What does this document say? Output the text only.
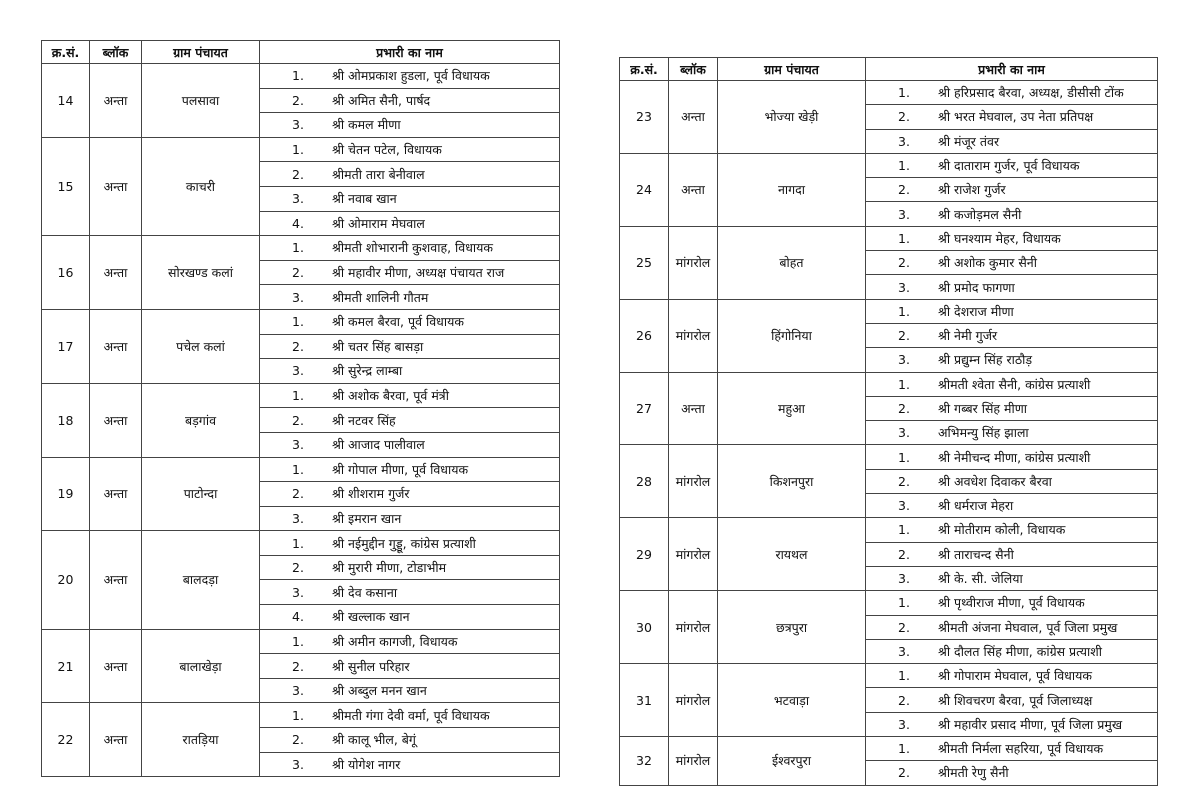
क्र.सं.	ब्लॉक	ग्राम पंचायत	प्रभारी का नाम
14	अन्ता	पलसावा	1. श्री ओमप्रकाश हुडला, पूर्व विधायक
			2. श्री अमित सैनी, पार्षद
			3. श्री कमल मीणा
15	अन्ता	काचरी	1. श्री चेतन पटेल, विधायक
			2. श्रीमती तारा बेनीवाल
			3. श्री नवाब खान
			4. श्री ओमाराम मेघवाल
16	अन्ता	सोरखण्ड कलां	1. श्रीमती शोभारानी कुशवाह, विधायक
			2. श्री महावीर मीणा, अध्यक्ष पंचायत राज
			3. श्रीमती शालिनी गौतम
17	अन्ता	पचेल कलां	1. श्री कमल बैरवा, पूर्व विधायक
			2. श्री चतर सिंह बासड़ा
			3. श्री सुरेन्द्र लाम्बा
18	अन्ता	बड़गांव	1. श्री अशोक बैरवा, पूर्व मंत्री
			2. श्री नटवर सिंह
			3. श्री आजाद पालीवाल
19	अन्ता	पाटोन्दा	1. श्री गोपाल मीणा, पूर्व विधायक
			2. श्री शीशराम गुर्जर
			3. श्री इमरान खान
20	अन्ता	बालदड़ा	1. श्री नईमुद्दीन गुड्डू, कांग्रेस प्रत्याशी
			2. श्री मुरारी मीणा, टोडाभीम
			3. श्री देव कसाना
			4. श्री खल्लाक खान
21	अन्ता	बालाखेड़ा	1. श्री अमीन कागजी, विधायक
			2. श्री सुनील परिहार
			3. श्री अब्दुल मनन खान
22	अन्ता	रातड़िया	1. श्रीमती गंगा देवी वर्मा, पूर्व विधायक
			2. श्री कालू भील, बेगूं
			3. श्री योगेश नागर
क्र.सं.	ब्लॉक	ग्राम पंचायत	प्रभारी का नाम
23	अन्ता	भोज्या खेड़ी	1. श्री हरिप्रसाद बैरवा, अध्यक्ष, डीसीसी टोंक
			2. श्री भरत मेघवाल, उप नेता प्रतिपक्ष
			3. श्री मंजूर तंवर
24	अन्ता	नागदा	1. श्री दाताराम गुर्जर, पूर्व विधायक
			2. श्री राजेश गुर्जर
			3. श्री कजोड़मल सैनी
25	मांगरोल	बोहत	1. श्री घनश्याम मेहर, विधायक
			2. श्री अशोक कुमार सैनी
			3. श्री प्रमोद फागणा
26	मांगरोल	हिंगोनिया	1. श्री देशराज मीणा
			2. श्री नेमी गुर्जर
			3. श्री प्रद्युम्न सिंह राठौड़
27	अन्ता	महुआ	1. श्रीमती श्वेता सैनी, कांग्रेस प्रत्याशी
			2. श्री गब्बर सिंह मीणा
			3. अभिमन्यु सिंह झाला
28	मांगरोल	किशनपुरा	1. श्री नेमीचन्द मीणा, कांग्रेस प्रत्याशी
			2. श्री अवधेश दिवाकर बैरवा
			3. श्री धर्मराज मेहरा
29	मांगरोल	रायथल	1. श्री मोतीराम कोली, विधायक
			2. श्री ताराचन्द सैनी
			3. श्री के. सी. जेलिया
30	मांगरोल	छत्रपुरा	1. श्री पृथ्वीराज मीणा, पूर्व विधायक
			2. श्रीमती अंजना मेघवाल, पूर्व जिला प्रमुख
			3. श्री दौलत सिंह मीणा, कांग्रेस प्रत्याशी
31	मांगरोल	भटवाड़ा	1. श्री गोपाराम मेघवाल, पूर्व विधायक
			2. श्री शिवचरण बैरवा, पूर्व जिलाध्यक्ष
			3. श्री महावीर प्रसाद मीणा, पूर्व जिला प्रमुख
32	मांगरोल	ईश्वरपुरा	1. श्रीमती निर्मला सहरिया, पूर्व विधायक
			2. श्रीमती रेणु सैनी
